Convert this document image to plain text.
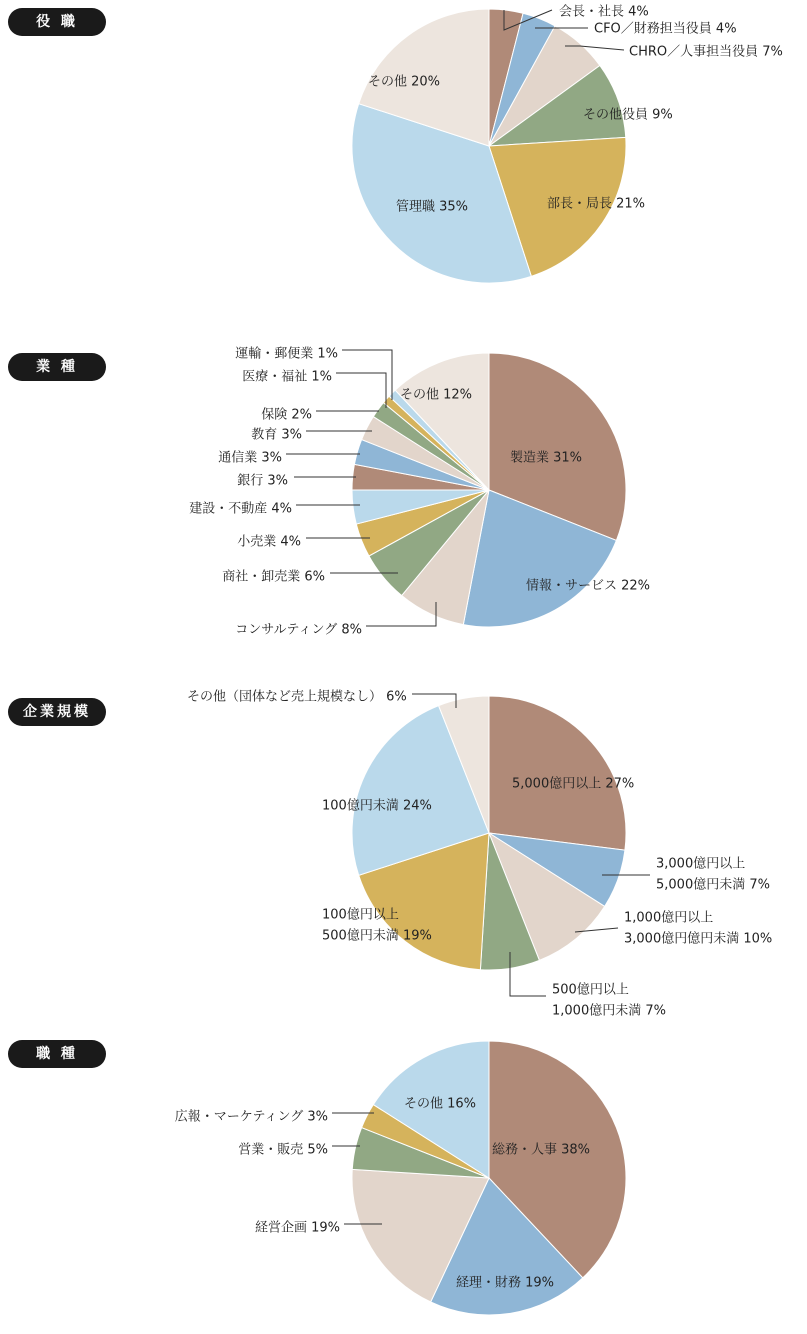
役 職
会長・社長 4%
CFO／財務担当役員 4%
CHRO／人事担当役員 7%
その他役員 9%
部長・局長 21%
管理職 35%
その他 20%
業 種
製造業 31%
情報・サービス 22%
コンサルティング 8%
商社・卸売業 6%
小売業 4%
建設・不動産 4%
銀行 3%
通信業 3%
教育 3%
保険 2%
医療・福祉 1%
運輸・郵便業 1%
その他 12%
企業規模
5,000億円以上 27%
3,000億円以上
5,000億円未満 7%
1,000億円以上
3,000億円億円未満 10%
500億円以上
1,000億円未満 7%
100億円以上
500億円未満 19%
100億円未満 24%
その他（団体など売上規模なし） 6%
職 種
総務・人事 38%
経理・財務 19%
経営企画 19%
営業・販売 5%
広報・マーケティング 3%
その他 16%
